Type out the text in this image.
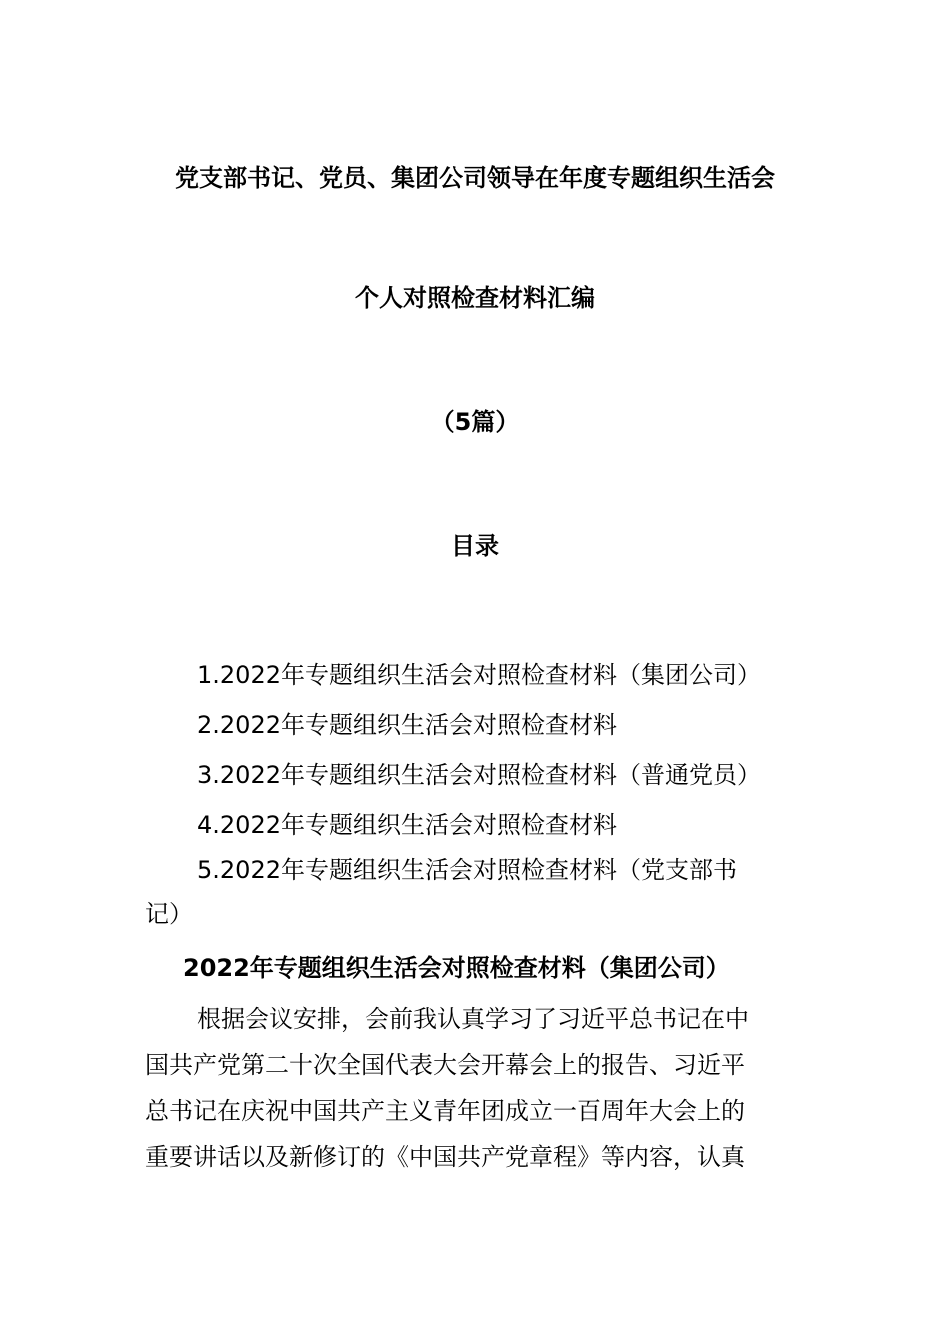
党支部书记、党员、集团公司领导在年度专题组织生活会
个人对照检查材料汇编
（5篇）
目录
1.2022年专题组织生活会对照检查材料（集团公司）
2.2022年专题组织生活会对照检查材料
3.2022年专题组织生活会对照检查材料（普通党员）
4.2022年专题组织生活会对照检查材料
5.2022年专题组织生活会对照检查材料（党支部书
记）
2022年专题组织生活会对照检查材料（集团公司）
根据会议安排，会前我认真学习了习近平总书记在中
国共产党第二十次全国代表大会开幕会上的报告、习近平
总书记在庆祝中国共产主义青年团成立一百周年大会上的
重要讲话以及新修订的《中国共产党章程》等内容，认真
